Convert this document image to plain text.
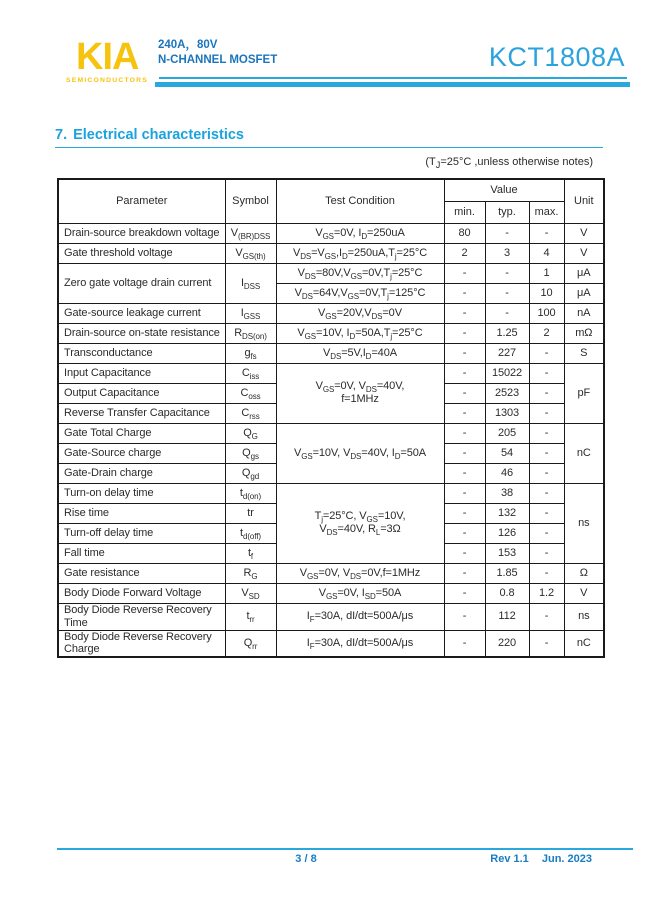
KIA
SEMICONDUCTORS
240A，80V
N-CHANNEL MOSFET	KCT1808A
7. Electrical characteristics
($T_J=25^\circ C$ ,unless otherwise notes)
Parameter	Symbol	Test Condition	Value			Unit
			min.	typ.	max.	
Drain-source breakdown voltage	$V_{(BR)DSS}$	$V_{GS}=0V$, $I_D=250uA$	80	-	-	V
Gate threshold voltage	$V_{GS(th)}$	$V_{DS}=V_{GS},I_D=250uA,T_j=25^\circ C$	2	3	4	V
Zero gate voltage drain current	$I_{DSS}$	$V_{DS}=80V,V_{GS}=0V,T_j=25^\circ C$	-	-	1	μA
		$V_{DS}=64V,V_{GS}=0V,T_j=125^\circ C$	-	-	10	μA
Gate-source leakage current	$I_{GSS}$	$V_{GS}=20V,V_{DS}=0V$	-	-	100	nA
Drain-source on-state resistance	$R_{DS(on)}$	$V_{GS}=10V$, $I_D=50A,T_j=25^\circ C$	-	1.25	2	mΩ
Transconductance	$g_{fs}$	$V_{DS}=5V,I_D=40A$	-	227	-	S
Input Capacitance	$C_{iss}$	$V_{GS}=0V$, $V_{DS}=40V$,
f=1MHz	-	15022	-	pF
Output Capacitance	$C_{oss}$		-	2523	-	
Reverse Transfer Capacitance	$C_{rss}$		-	1303	-	
Gate Total Charge	$Q_G$	$V_{GS}=10V$, $V_{DS}=40V$, $I_D=50A$	-	205	-	nC
Gate-Source charge	$Q_{gs}$		-	54	-	
Gate-Drain charge	$Q_{gd}$		-	46	-	
Turn-on delay time	$t_{d(on)}$	$T_j=25^\circ C$, $V_{GS}=10V$,
$V_{DS}=40V$, $R_L=3\Omega$	-	38	-	ns
Rise time	tr		-	132	-	
Turn-off delay time	$t_{d(off)}$		-	126	-	
Fall time	$t_f$		-	153	-	
Gate resistance	$R_G$	$V_{GS}=0V$, $V_{DS}=0V,f=1MHz$	-	1.85	-	Ω
Body Diode Forward Voltage	$V_{SD}$	$V_{GS}=0V$, $I_{SD}=50A$	-	0.8	1.2	V
Body Diode Reverse Recovery Time	$t_{rr}$	$I_F=30A$, dI/dt=500A/μs	-	112	-	ns
Body Diode Reverse Recovery Charge	$Q_{rr}$	$I_F=30A$, dI/dt=500A/μs	-	220	-	nC
3 / 8	Rev 1.1 Jun. 2023
